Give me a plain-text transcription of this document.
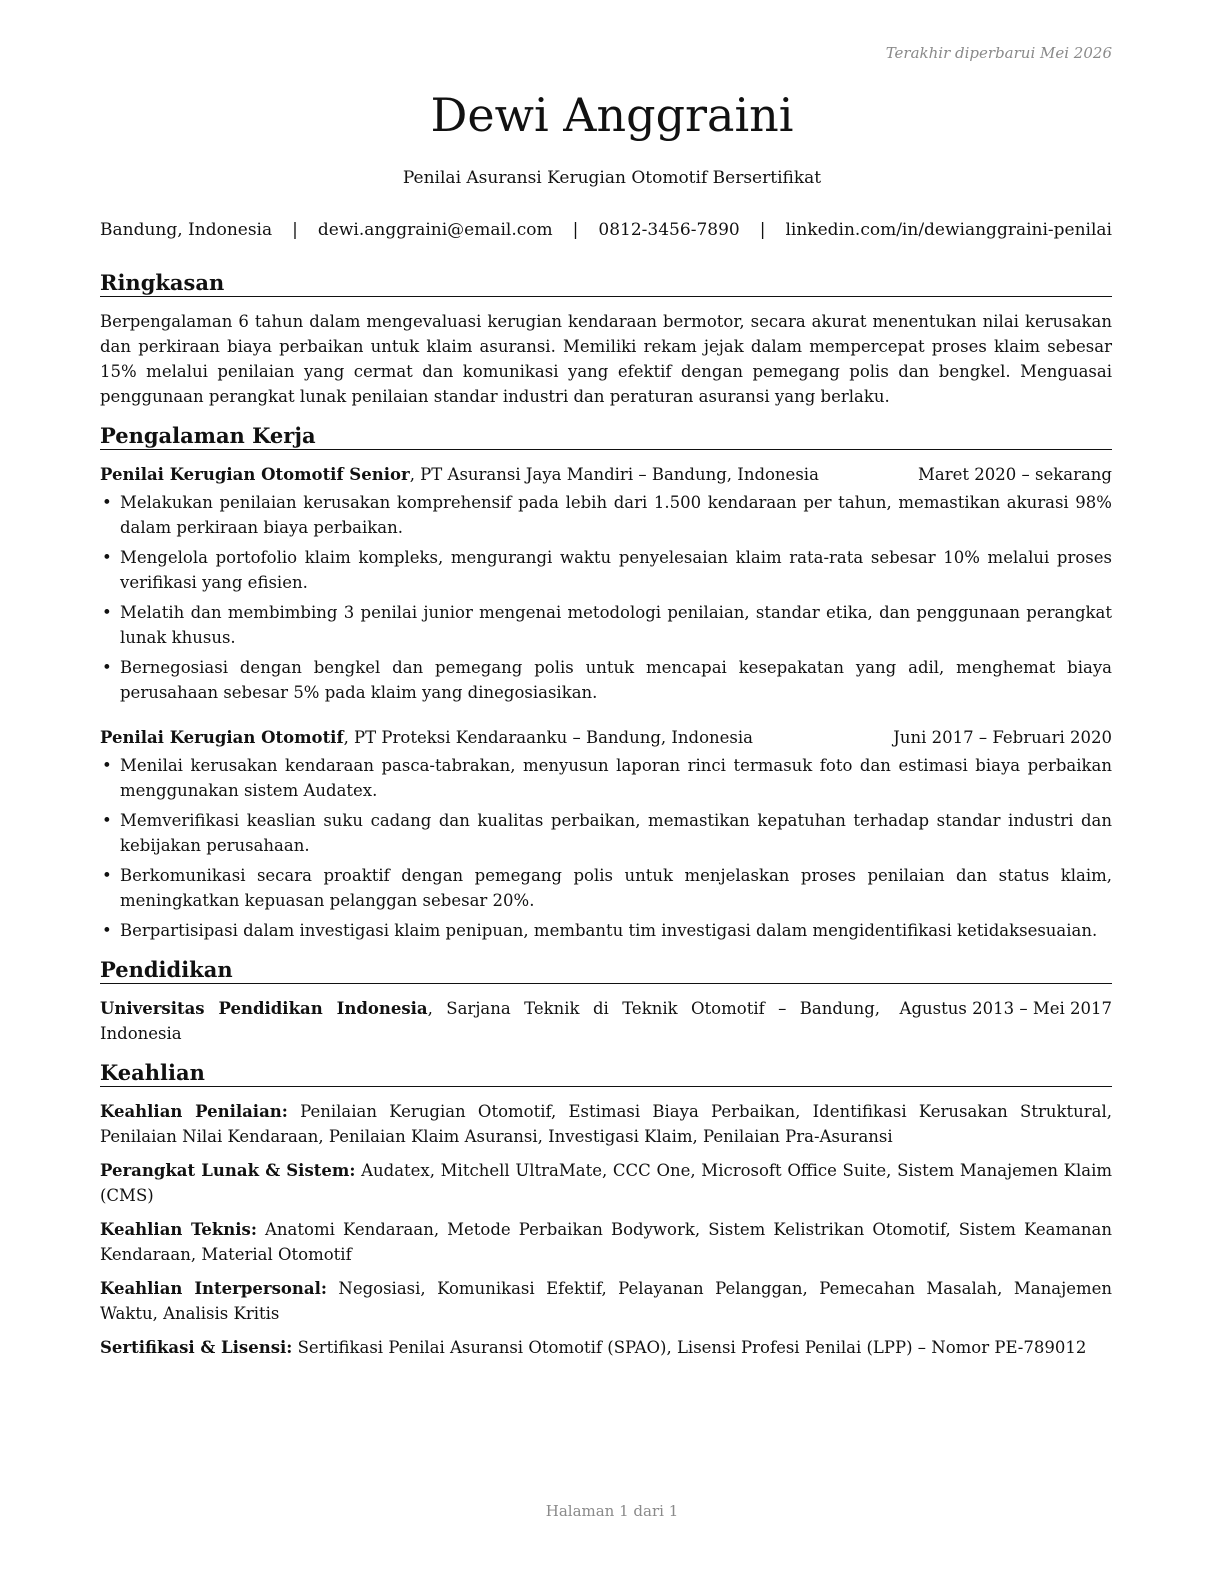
Terakhir diperbarui Mei 2026
Dewi Anggraini
Penilai Asuransi Kerugian Otomotif Bersertifikat
Bandung, Indonesia | dewi.anggraini@email.com | 0812-3456-7890 | linkedin.com/in/dewianggraini-penilai
Ringkasan

Berpengalaman 6 tahun dalam mengevaluasi kerugian kendaraan bermotor, secara akurat menentukan nilai kerusakan dan perkiraan biaya perbaikan untuk klaim asuransi. Memiliki rekam jejak dalam mempercepat proses klaim sebesar 15% melalui penilaian yang cermat dan komunikasi yang efektif dengan pemegang polis dan bengkel. Menguasai penggunaan perangkat lunak penilaian standar industri dan peraturan asuransi yang berlaku.

Pengalaman Kerja
Penilai Kerugian Otomotif Senior, PT Asuransi Jaya Mandiri – Bandung, Indonesia	Maret 2020 – sekarang
• Melakukan penilaian kerusakan komprehensif pada lebih dari 1.500 kendaraan per tahun, memastikan akurasi 98% dalam perkiraan biaya perbaikan.
• Mengelola portofolio klaim kompleks, mengurangi waktu penyelesaian klaim rata-rata sebesar 10% melalui proses verifikasi yang efisien.
• Melatih dan membimbing 3 penilai junior mengenai metodologi penilaian, standar etika, dan penggunaan perangkat lunak khusus.
• Bernegosiasi dengan bengkel dan pemegang polis untuk mencapai kesepakatan yang adil, menghemat biaya perusahaan sebesar 5% pada klaim yang dinegosiasikan.
Penilai Kerugian Otomotif, PT Proteksi Kendaraanku – Bandung, Indonesia	Juni 2017 – Februari 2020
• Menilai kerusakan kendaraan pasca-tabrakan, menyusun laporan rinci termasuk foto dan estimasi biaya perbaikan menggunakan sistem Audatex.
• Memverifikasi keaslian suku cadang dan kualitas perbaikan, memastikan kepatuhan terhadap standar industri dan kebijakan perusahaan.
• Berkomunikasi secara proaktif dengan pemegang polis untuk menjelaskan proses penilaian dan status klaim, meningkatkan kepuasan pelanggan sebesar 20%.
• Berpartisipasi dalam investigasi klaim penipuan, membantu tim investigasi dalam mengidentifikasi ketidaksesuaian.
Pendidikan
Universitas Pendidikan Indonesia, Sarjana Teknik di Teknik Otomotif – Bandung, Indonesia
Agustus 2013 – Mei 2017
Keahlian
Keahlian Penilaian: Penilaian Kerugian Otomotif, Estimasi Biaya Perbaikan, Identifikasi Kerusakan Struktural, Penilaian Nilai Kendaraan, Penilaian Klaim Asuransi, Investigasi Klaim, Penilaian Pra-Asuransi
Perangkat Lunak & Sistem: Audatex, Mitchell UltraMate, CCC One, Microsoft Office Suite, Sistem Manajemen Klaim (CMS)
Keahlian Teknis: Anatomi Kendaraan, Metode Perbaikan Bodywork, Sistem Kelistrikan Otomotif, Sistem Keamanan Kendaraan, Material Otomotif
Keahlian Interpersonal: Negosiasi, Komunikasi Efektif, Pelayanan Pelanggan, Pemecahan Masalah, Manajemen Waktu, Analisis Kritis
Sertifikasi & Lisensi: Sertifikasi Penilai Asuransi Otomotif (SPAO), Lisensi Profesi Penilai (LPP) – Nomor PE-789012
Halaman 1 dari 1
